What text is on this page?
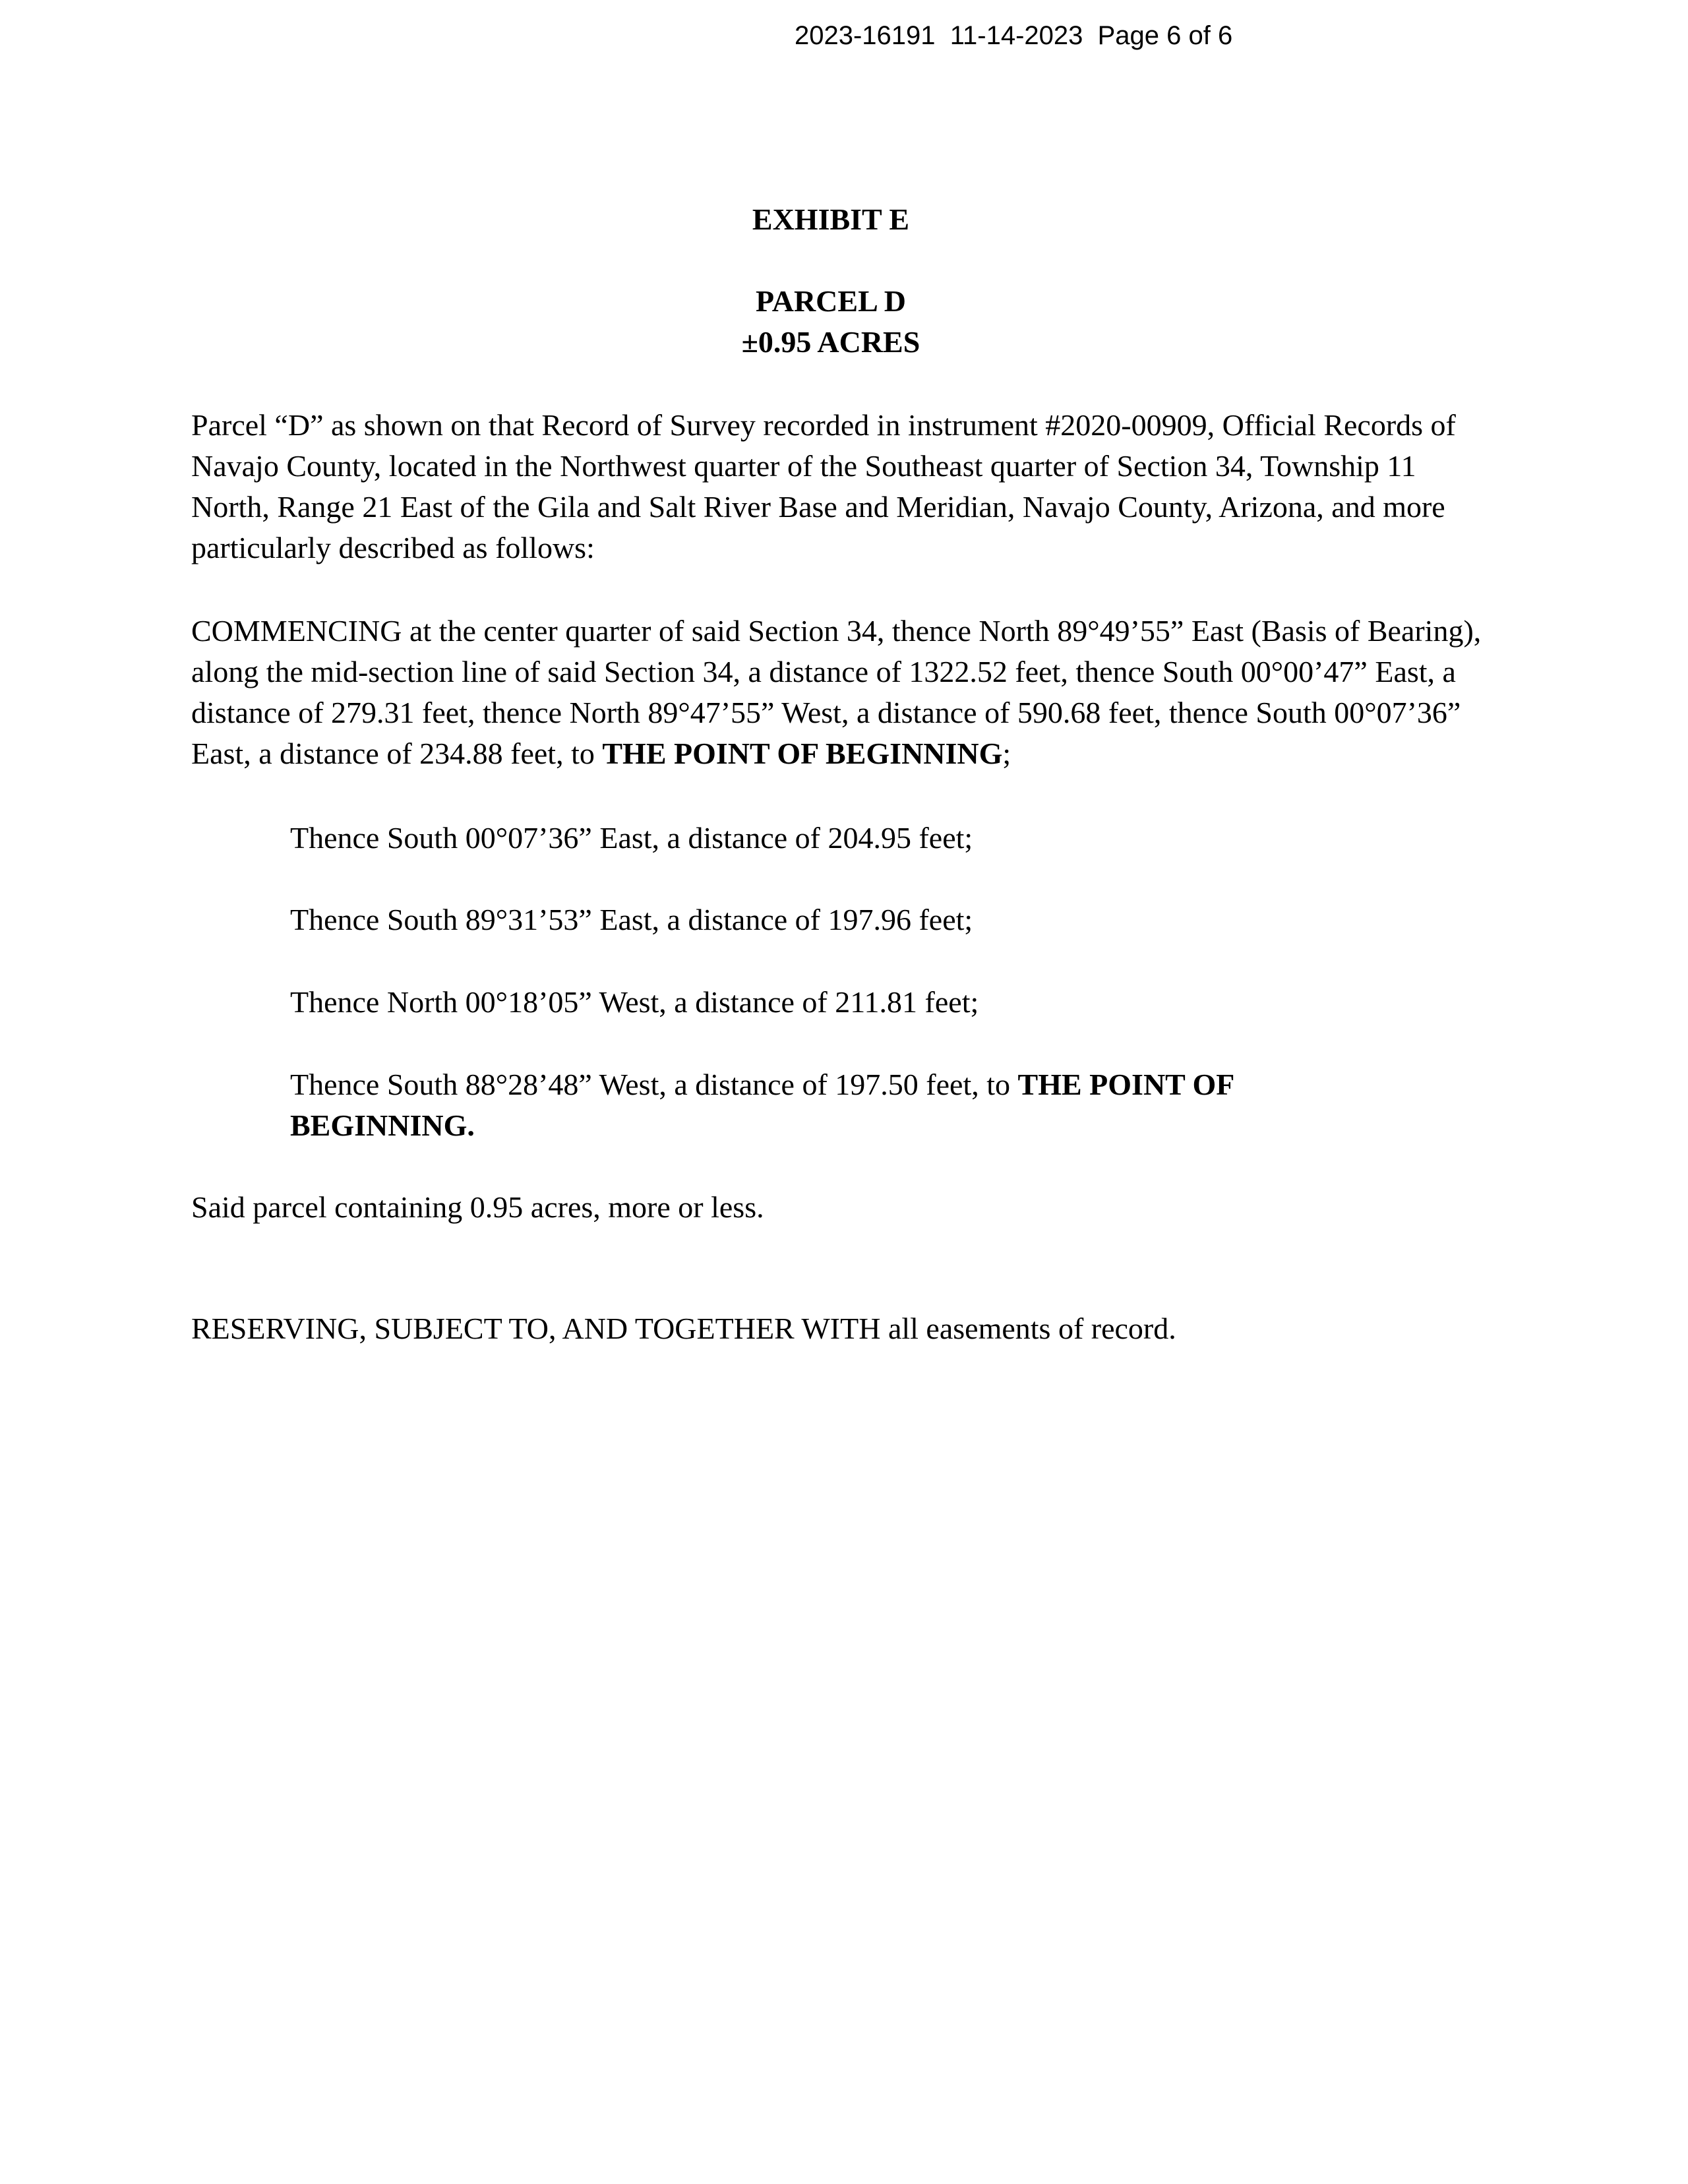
2023-16191  11-14-2023  Page 6 of 6
EXHIBIT E
PARCEL D
±0.95 ACRES

Parcel “D” as shown on that Record of Survey recorded in instrument #2020-00909, Official Records of Navajo County, located in the Northwest quarter of the Southeast quarter of Section 34, Township 11 North, Range 21 East of the Gila and Salt River Base and Meridian, Navajo County, Arizona, and more particularly described as follows:

COMMENCING at the center quarter of said Section 34, thence North 89°49’55” East (Basis of Bearing), along the mid-section line of said Section 34, a distance of 1322.52 feet, thence South 00°00’47” East, a distance of 279.31 feet, thence North 89°47’55” West, a distance of 590.68 feet, thence South 00°07’36” East, a distance of 234.88 feet, to THE POINT OF BEGINNING;

Thence South 00°07’36” East, a distance of 204.95 feet;

Thence South 89°31’53” East, a distance of 197.96 feet;

Thence North 00°18’05” West, a distance of 211.81 feet;

Thence South 88°28’48” West, a distance of 197.50 feet, to THE POINT OF BEGINNING.

Said parcel containing 0.95 acres, more or less.

RESERVING, SUBJECT TO, AND TOGETHER WITH all easements of record.
